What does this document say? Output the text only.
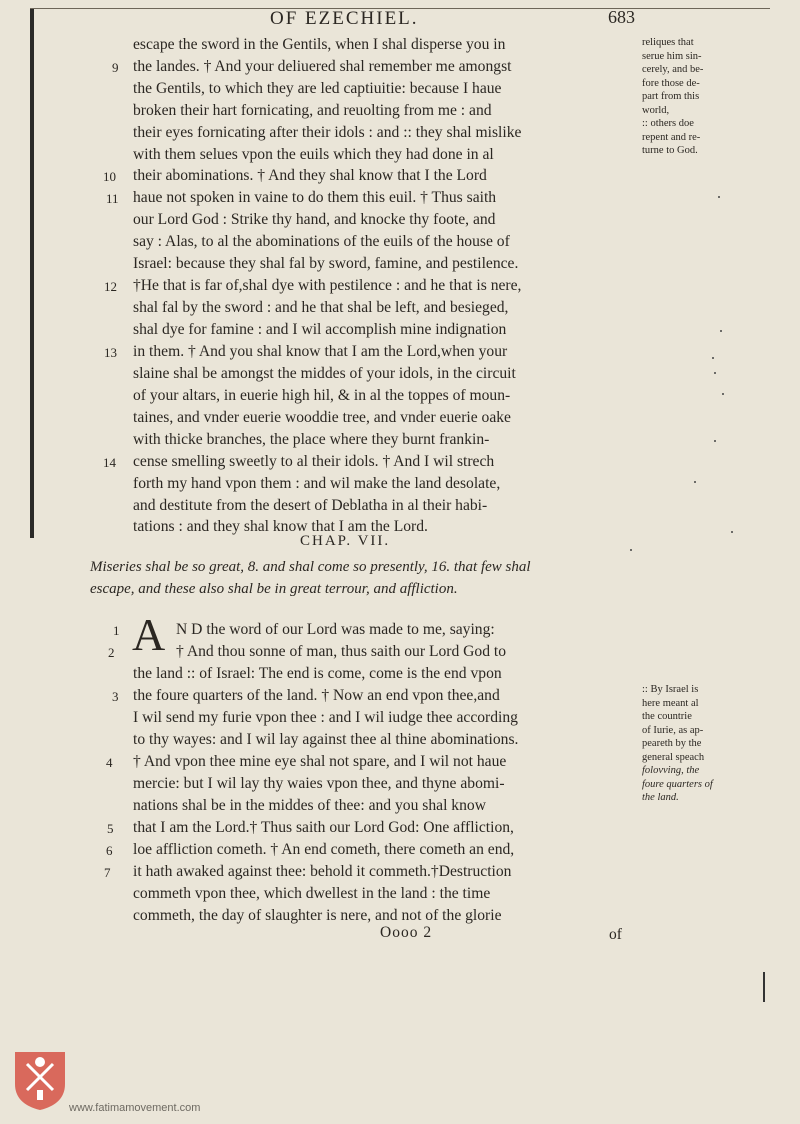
OF EZECHIEL.	683
escape the sword in the Gentils, when I shal disperse you in
the landes. † And your deliuered shal remember me amongst
the Gentils, to which they are led captiuitie: because I haue
broken their hart fornicating, and reuolting from me : and
their eyes fornicating after their idols : and :: they shal mislike
with them selues vpon the euils which they had done in al
their abominations. † And they shal know that I the Lord
haue not spoken in vaine to do them this euil. † Thus saith
our Lord God : Strike thy hand, and knocke thy foote, and
say : Alas, to al the abominations of the euils of the house of
Israel: because they shal fal by sword, famine, and pestilence.
†He that is far of,shal dye with pestilence : and he that is nere,
shal fal by the sword : and he that shal be left, and besieged,
shal dye for famine : and I wil accomplish mine indignation
in them. † And you shal know that I am the Lord,when your
slaine shal be amongst the middes of your idols, in the circuit
of your altars, in euerie high hil, & in al the toppes of moun-
taines, and vnder euerie wooddie tree, and vnder euerie oake
with thicke branches, the place where they burnt frankin-
cense smelling sweetly to al their idols. † And I wil strech
forth my hand vpon them : and wil make the land desolate,
and destitute from the desert of Deblatha in al their habi-
tations : and they shal know that I am the Lord.
9
10
11
12
13
14
reliques that
serue him sin-
cerely, and be-
fore those de-
part from this
world,
:: others doe
repent and re-
turne to God.
CHAP. VII.
Miseries shal be so great, 8. and shal come so presently, 16. that few shal
escape, and these also shal be in great terrour, and affliction.
A N D the word of our Lord was made to me, saying:
† And thou sonne of man, thus saith our Lord God to
the land :: of Israel: The end is come, come is the end vpon
the foure quarters of the land. † Now an end vpon thee,and
I wil send my furie vpon thee : and I wil iudge thee according
to thy wayes: and I wil lay against thee al thine abominations.
† And vpon thee mine eye shal not spare, and I wil not haue
mercie: but I wil lay thy waies vpon thee, and thyne abomi-
nations shal be in the middes of thee: and you shal know
that I am the Lord.† Thus saith our Lord God: One affliction,
loe affliction cometh. † An end cometh, there cometh an end,
it hath awaked against thee: behold it commeth.†Destruction
commeth vpon thee, which dwellest in the land : the time
commeth, the day of slaughter is nere, and not of the glorie
1
2
3
4
5
6
7
:: By Israel is
here meant al
the countrie
of Iurie, as ap-
peareth by the
general speach
folovving, the
foure quarters of
the land.
Oooo 2	of
www.fatimamovement.com
